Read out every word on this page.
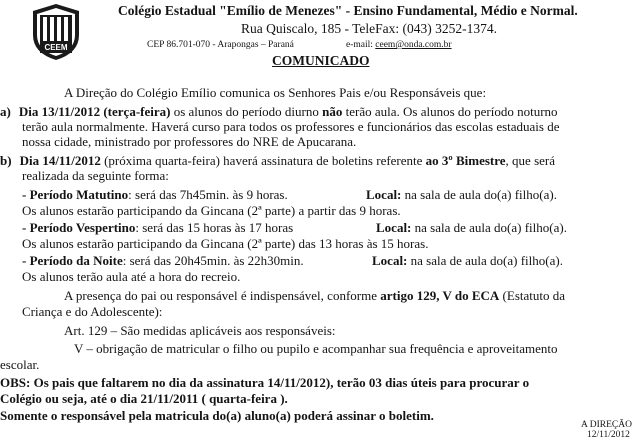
CEEM
Colégio Estadual "Emílio de Menezes" - Ensino Fundamental, Médio e Normal.
Rua Quiscalo, 185 - TeleFax: (043) 3252-1374.
CEP 86.701-070 - Arapongas – Paraná	e-mail: ceem@onda.com.br
COMUNICADO
A Direção do Colégio Emílio comunica os Senhores Pais e/ou Responsáveis que:
a) Dia 13/11/2012 (terça-feira) os alunos do período diurno não terão aula. Os alunos do período noturno
terão aula normalmente. Haverá curso para todos os professores e funcionários das escolas estaduais de
nossa cidade, ministrado por professores do NRE de Apucarana.
b) Dia 14/11/2012 (próxima quarta-feira) haverá assinatura de boletins referente ao 3º Bimestre, que será
realizada da seguinte forma:
- Período Matutino: será das 7h45min. às 9 horas.	Local: na sala de aula do(a) filho(a).
Os alunos estarão participando da Gincana (2ª parte) a partir das 9 horas.
- Período Vespertino: será das 15 horas às 17 horas	Local: na sala de aula do(a) filho(a).
Os alunos estarão participando da Gincana (2ª parte) das 13 horas às 15 horas.
- Período da Noite: será das 20h45min. às 22h30min.	Local: na sala de aula do(a) filho(a).
Os alunos terão aula até a hora do recreio.
A presença do pai ou responsável é indispensável, conforme artigo 129, V do ECA (Estatuto da
Criança e do Adolescente):
Art. 129 – São medidas aplicáveis aos responsáveis:
V – obrigação de matricular o filho ou pupilo e acompanhar sua frequência e aproveitamento
escolar.
OBS: Os pais que faltarem no dia da assinatura 14/11/2012), terão 03 dias úteis para procurar o
Colégio ou seja, até o dia 21/11/2011 ( quarta-feira ).
Somente o responsável pela matricula do(a) aluno(a) poderá assinar o boletim.
A DIREÇÃO
12/11/2012
